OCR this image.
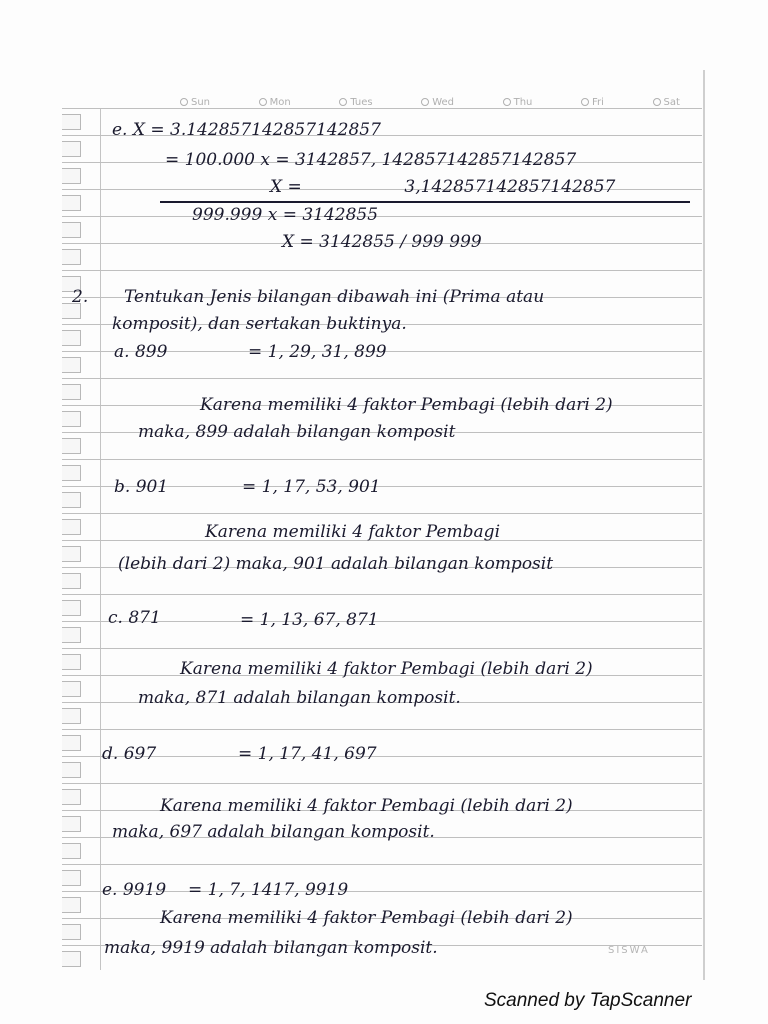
Sun	Mon	Tues	Wed	Thu	Fri	Sat
e. X = 3.142857142857142857
= 100.000 x = 3142857, 142857142857142857
X =                   3,142857142857142857
999.999 x = 3142855
X = 3142855 / 999 999
2. Tentukan Jenis bilangan dibawah ini (Prima atau
komposit), dan sertakan buktinya.
a. 899	= 1, 29, 31, 899
Karena memiliki 4 faktor Pembagi (lebih dari 2)
maka, 899 adalah bilangan komposit
b. 901	= 1, 17, 53, 901
Karena memiliki 4 faktor Pembagi
(lebih dari 2) maka, 901 adalah bilangan komposit
c. 871	= 1, 13, 67, 871
Karena memiliki 4 faktor Pembagi (lebih dari 2)
maka, 871 adalah bilangan komposit.
d. 697	= 1, 17, 41, 697
Karena memiliki 4 faktor Pembagi (lebih dari 2)
maka, 697 adalah bilangan komposit.
e. 9919 = 1, 7, 1417, 9919
Karena memiliki 4 faktor Pembagi (lebih dari 2)
maka, 9919 adalah bilangan komposit.	SISWA
Scanned by TapScanner
